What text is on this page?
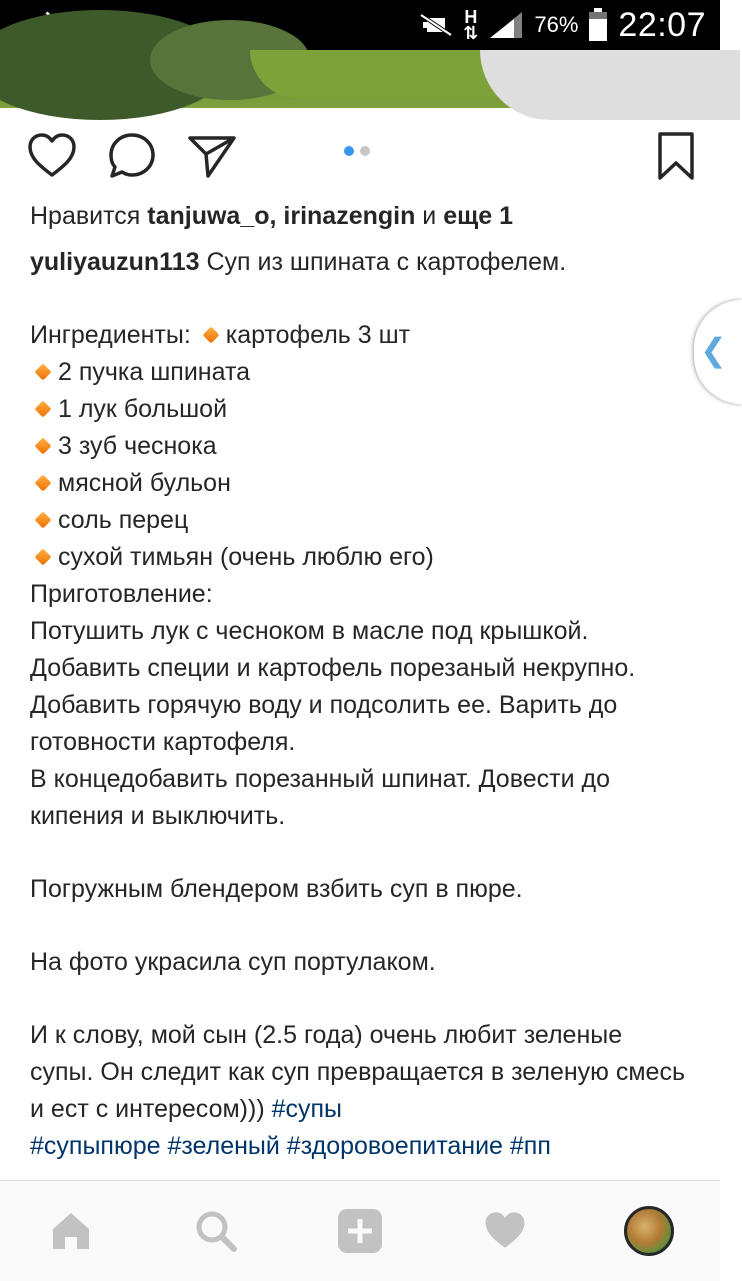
H
⇅	76% 22:07
Нравится tanjuwa_o, irinazengin и еще 1

yuliyauzun113 Суп из шпината с картофелем.

Ингредиенты: картофель 3 шт

2 пучка шпината

1 лук большой

3 зуб чеснока

мясной бульон

соль перец

сухой тимьян (очень люблю его)

Приготовление:

Потушить лук с чесноком в масле под крышкой.

Добавить специи и картофель порезаный некрупно.

Добавить горячую воду и подсолить ее. Варить до готовности картофеля.

В концедобавить порезанный шпинат. Довести до кипения и выключить.

Погружным блендером взбить суп в пюре.

На фото украсила суп портулаком.

И к слову, мой сын (2.5 года) очень любит зеленые супы. Он следит как суп превращается в зеленую смесь и ест с интересом))) #супы

#супыпюре #зеленый #здоровоепитание #пп

❮
